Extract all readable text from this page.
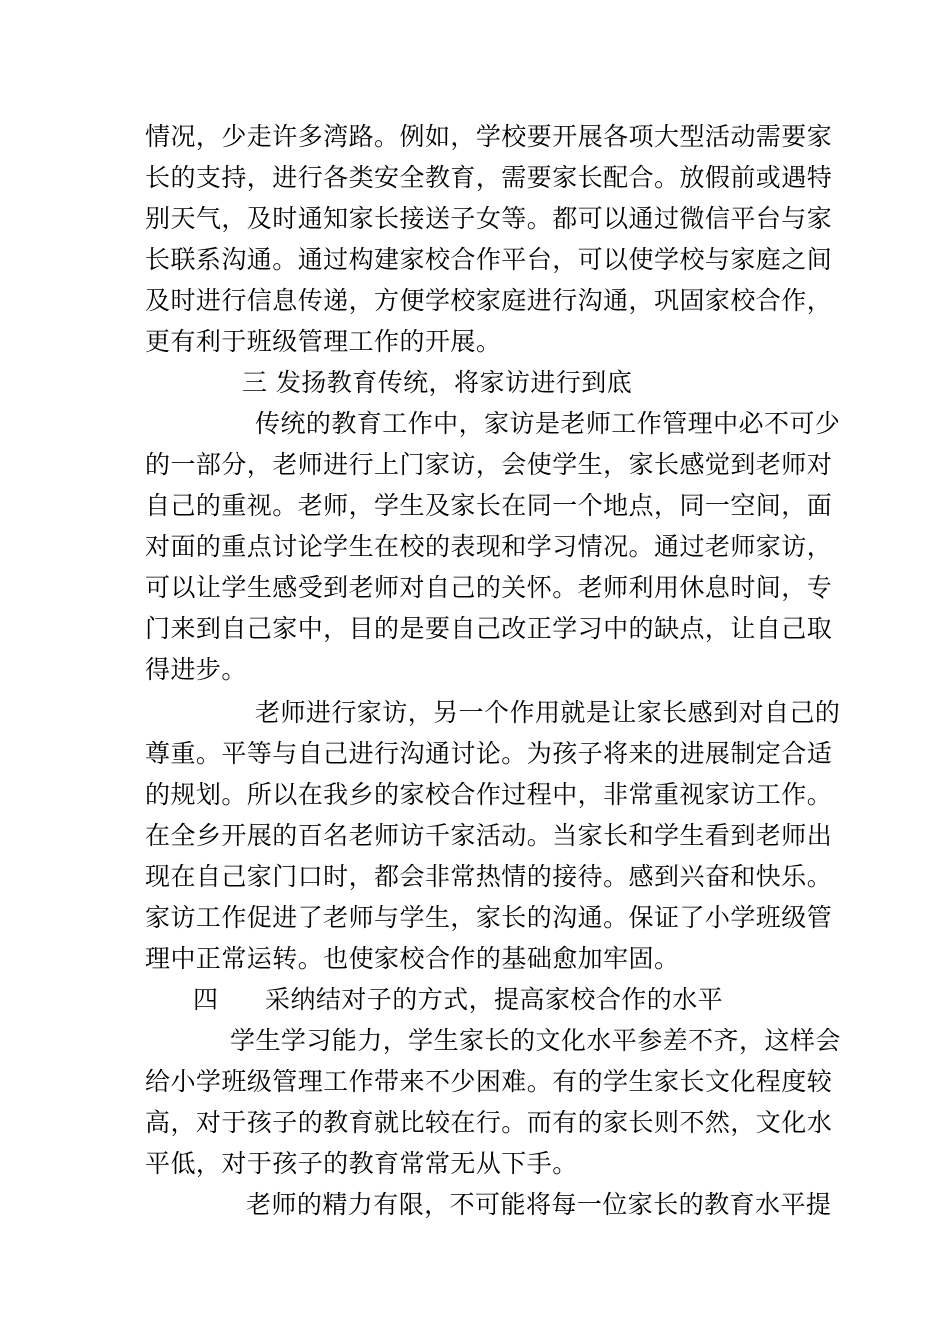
情况，少走许多湾路。例如，学校要开展各项大型活动需要家
长的支持，进行各类安全教育，需要家长配合。放假前或遇特
别天气，及时通知家长接送子女等。都可以通过微信平台与家
长联系沟通。通过构建家校合作平台，可以使学校与家庭之间
及时进行信息传递，方便学校家庭进行沟通，巩固家校合作，
更有利于班级管理工作的开展。
三 发扬教育传统，将家访进行到底
传统的教育工作中，家访是老师工作管理中必不可少
的一部分，老师进行上门家访，会使学生，家长感觉到老师对
自己的重视。老师，学生及家长在同一个地点，同一空间，面
对面的重点讨论学生在校的表现和学习情况。通过老师家访，
可以让学生感受到老师对自己的关怀。老师利用休息时间，专
门来到自己家中，目的是要自己改正学习中的缺点，让自己取
得进步。
老师进行家访，另一个作用就是让家长感到对自己的
尊重。平等与自己进行沟通讨论。为孩子将来的进展制定合适
的规划。所以在我乡的家校合作过程中，非常重视家访工作。
在全乡开展的百名老师访千家活动。当家长和学生看到老师出
现在自己家门口时，都会非常热情的接待。感到兴奋和快乐。
家访工作促进了老师与学生，家长的沟通。保证了小学班级管
理中正常运转。也使家校合作的基础愈加牢固。
四 采纳结对子的方式，提高家校合作的水平
学生学习能力，学生家长的文化水平参差不齐，这样会
给小学班级管理工作带来不少困难。有的学生家长文化程度较
高，对于孩子的教育就比较在行。而有的家长则不然，文化水
平低，对于孩子的教育常常无从下手。
老师的精力有限，不可能将每一位家长的教育水平提
